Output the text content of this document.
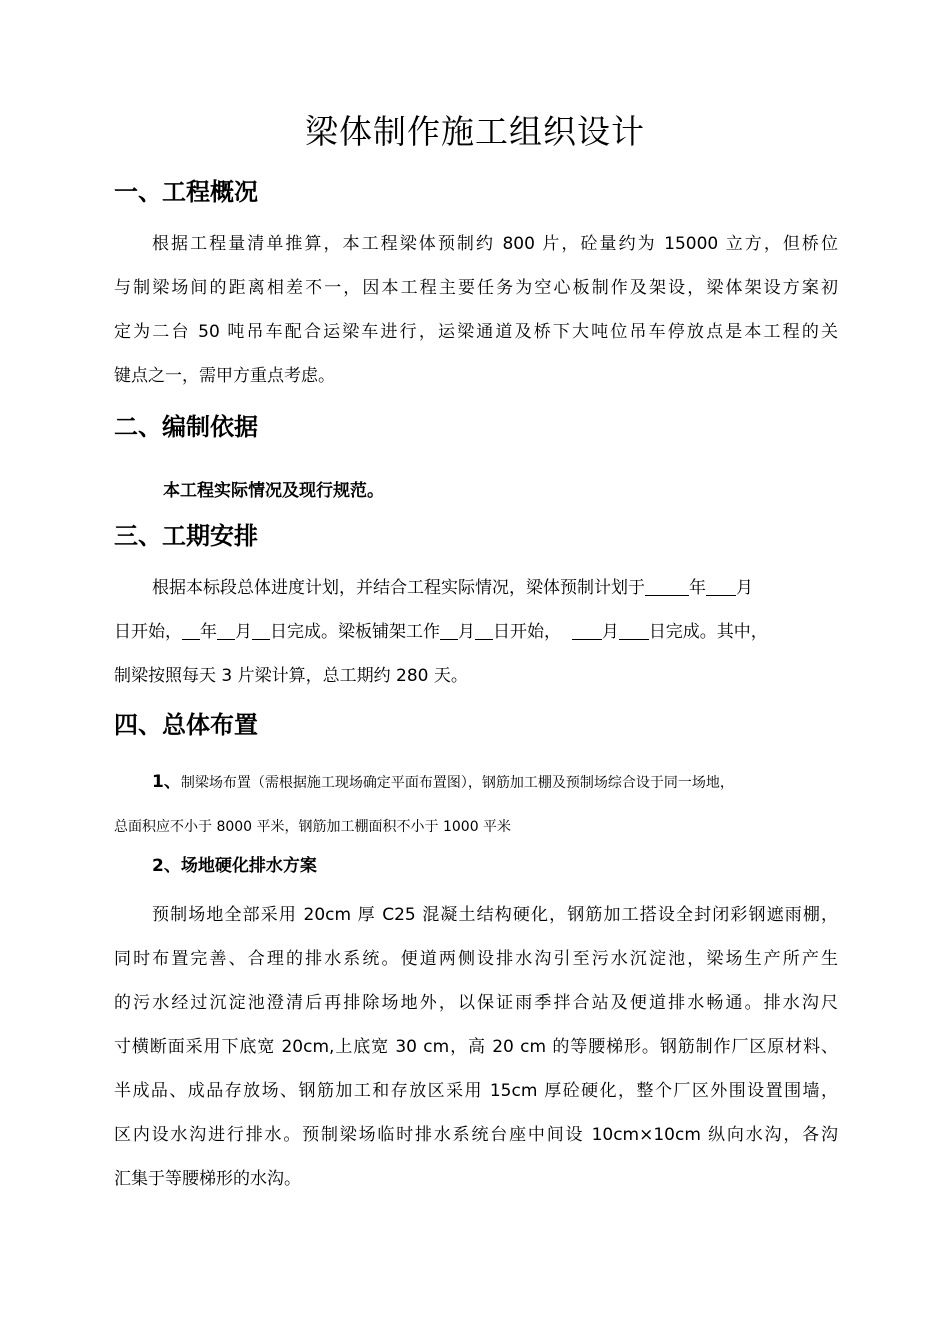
梁体制作施工组织设计
一、工程概况
根据工程量清单推算，本工程梁体预制约 800 片，砼量约为 15000 立方，但桥位
与制梁场间的距离相差不一，因本工程主要任务为空心板制作及架设，梁体架设方案初
定为二台 50 吨吊车配合运梁车进行，运梁通道及桥下大吨位吊车停放点是本工程的关
键点之一，需甲方重点考虑。
二、编制依据

本工程实际情况及现行规范。

三、工期安排
根据本标段总体进度计划，并结合工程实际情况，梁体预制计划于	年 月
日开始， 年 月 日完成。梁板铺架工作 月 日开始， 月 日完成。其中，
制梁按照每天 3 片梁计算，总工期约 280 天。
四、总体布置
1、制梁场布置（需根据施工现场确定平面布置图），钢筋加工棚及预制场综合设于同一场地，
总面积应不小于 8000 平米，钢筋加工棚面积不小于 1000 平米

2、场地硬化排水方案

预制场地全部采用 20cm 厚 C25 混凝土结构硬化，钢筋加工搭设全封闭彩钢遮雨棚，
同时布置完善、合理的排水系统。便道两侧设排水沟引至污水沉淀池，梁场生产所产生
的污水经过沉淀池澄清后再排除场地外，以保证雨季拌合站及便道排水畅通。排水沟尺
寸横断面采用下底宽 20cm,上底宽 30 cm，高 20 cm 的等腰梯形。钢筋制作厂区原材料、
半成品、成品存放场、钢筋加工和存放区采用 15cm 厚砼硬化，整个厂区外围设置围墙，
区内设水沟进行排水。预制梁场临时排水系统台座中间设 10cm×10cm 纵向水沟，各沟
汇集于等腰梯形的水沟。
